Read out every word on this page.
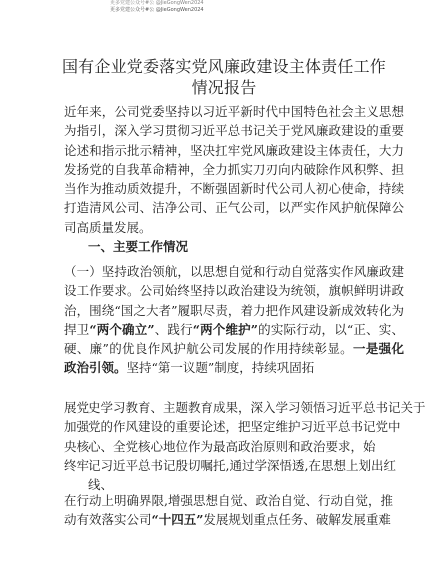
更多党建公众号#公 @JieGongWen2024
更多党建公众号#公 @JieGongWen2024
国有企业党委落实党风廉政建设主体责任工作
情况报告

近年来，公司党委坚持以习近平新时代中国特色社会主义思想为指引，深入学习贯彻习近平总书记关于党风廉政建设的重要论述和指示批示精神，坚决扛牢党风廉政建设主体责任，大力发扬党的自我革命精神，全力抓实刀刃向内破除作风积弊、担当作为推动质效提升，不断强固新时代公司人初心使命，持续打造清风公司、洁净公司、正气公司，以严实作风护航保障公司高质量发展。

一、主要工作情况

（一）坚持政治领航，以思想自觉和行动自觉落实作风廉政建设工作要求。公司始终坚持以政治建设为统领，旗帜鲜明讲政治，围绕“国之大者”履职尽责，着力把作风建设新成效转化为捍卫“两个确立”、践行“两个维护”的实际行动，以“正、实、硬、廉”的优良作风护航公司发展的作用持续彰显。一是强化政治引领。坚持“第一议题”制度，持续巩固拓

展党史学习教育、主题教育成果，深入学习领悟习近平总书记关于
加强党的作风建设的重要论述，把坚定维护习近平总书记党中
央核心、全党核心地位作为最高政治原则和政治要求，始
终牢记习近平总书记殷切嘱托,通过学深悟透,在思想上划出红
线、

在行动上明确界限,增强思想自觉、政治自觉、行动自觉，推动有效落实公司“十四五”发展规划重点任务、破解发展重难
